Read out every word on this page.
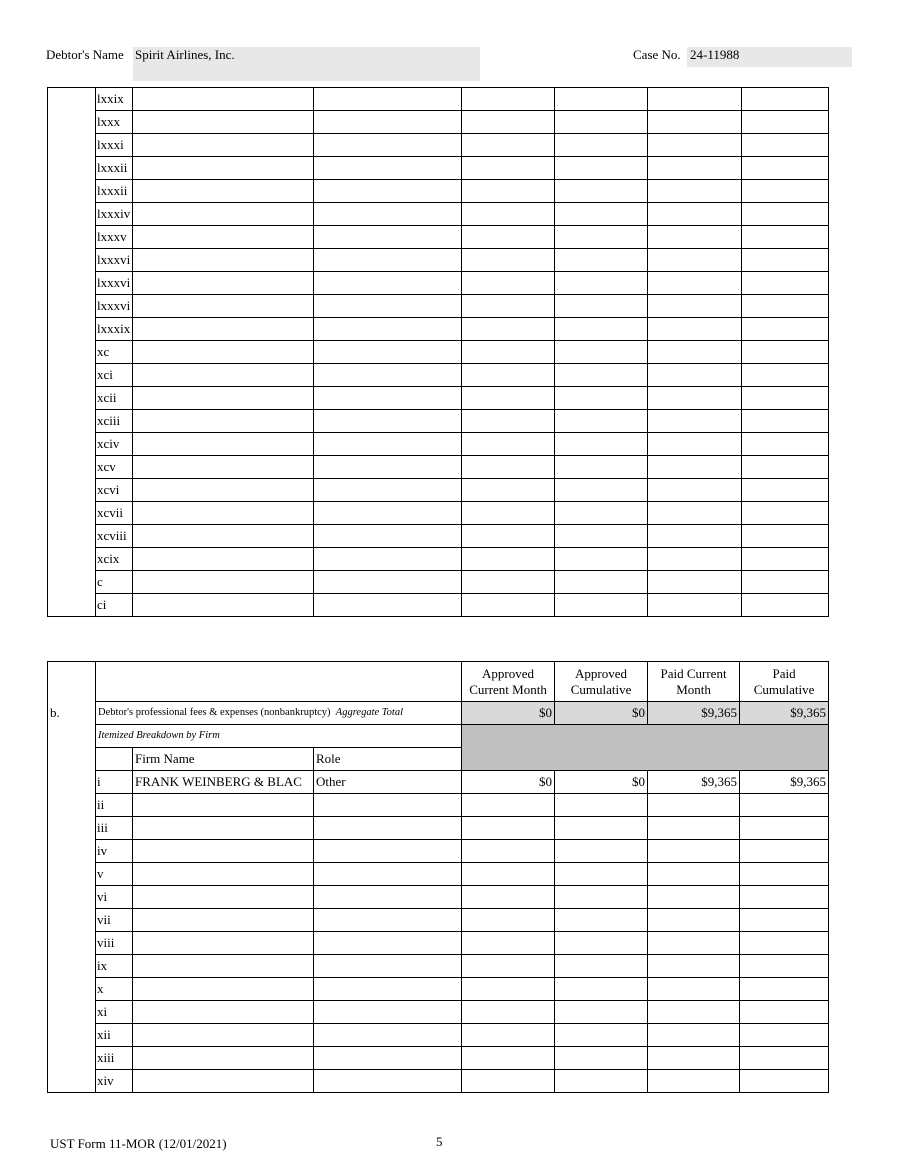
Debtor's Name Spirit Airlines, Inc.	Case No. 24-11988
	lxxix						
	lxxx						
	lxxxi						
	lxxxii						
	lxxxii						
	lxxxiv						
	lxxxv						
	lxxxvi						
	lxxxvi						
	lxxxvi						
	lxxxix						
	xc						
	xci						
	xcii						
	xciii						
	xciv						
	xcv						
	xcvi						
	xcvii						
	xcviii						
	xcix						
	c						
	ci						
				Approved Current Month	Approved Cumulative	Paid Current Month	Paid Cumulative
b.	Debtor's professional fees & expenses (nonbankruptcy) Aggregate Total			$0	$0	$9,365	$9,365
	Itemized Breakdown by Firm						
		Firm Name	Role				
	i	FRANK WEINBERG & BLAC	Other	$0	$0	$9,365	$9,365
	ii						
	iii						
	iv						
	v						
	vi						
	vii						
	viii						
	ix						
	x						
	xi						
	xii						
	xiii						
	xiv						
UST Form 11-MOR (12/01/2021)	5
